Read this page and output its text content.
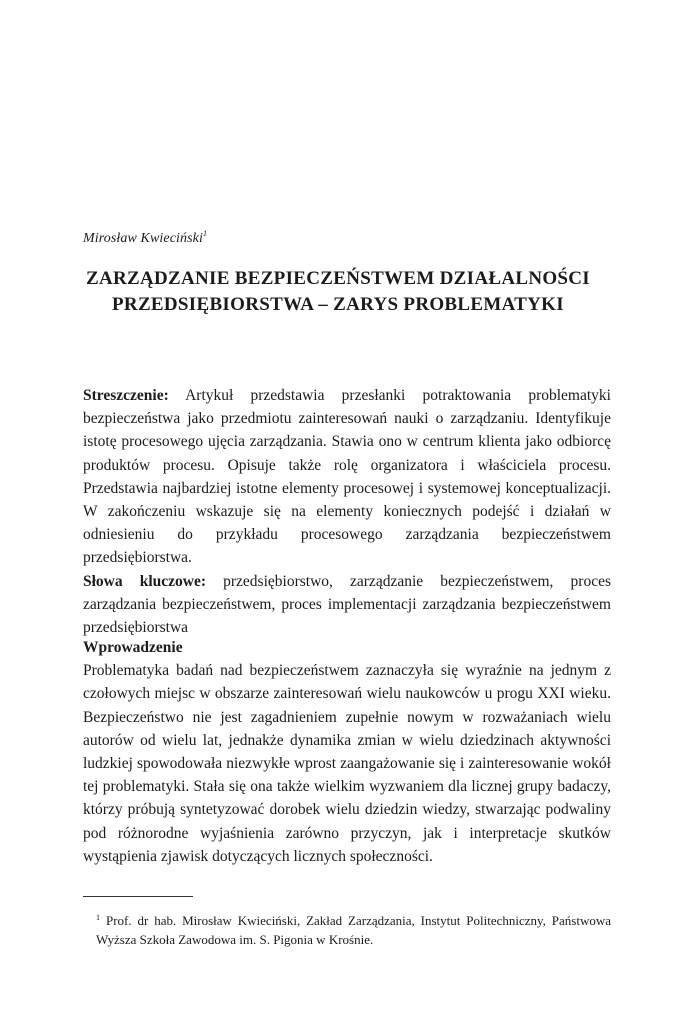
Mirosław Kwieciński$^1$
ZARZĄDZANIE BEZPIECZEŃSTWEM DZIAŁALNOŚCI
PRZEDSIĘBIORSTWA – ZARYS PROBLEMATYKI

Streszczenie: Artykuł przedstawia przesłanki potraktowania problematyki bezpieczeństwa jako przedmiotu zainteresowań nauki o zarządzaniu. Identyfikuje istotę procesowego ujęcia zarządzania. Stawia ono w centrum klienta jako odbiorcę produktów procesu. Opisuje także rolę organizatora i właściciela procesu. Przedstawia najbardziej istotne elementy procesowej i systemowej konceptualizacji. W zakończeniu wskazuje się na elementy koniecznych podejść i działań w odniesieniu do przykładu procesowego zarządzania bezpieczeństwem przedsiębiorstwa.

Słowa kluczowe: przedsiębiorstwo, zarządzanie bezpieczeństwem, proces zarządzania bezpieczeństwem, proces implementacji zarządzania bezpieczeństwem przedsiębiorstwa

Wprowadzenie

Problematyka badań nad bezpieczeństwem zaznaczyła się wyraźnie na jednym z czołowych miejsc w obszarze zainteresowań wielu naukowców u progu XXI wieku. Bezpieczeństwo nie jest zagadnieniem zupełnie nowym w rozważaniach wielu autorów od wielu lat, jednakże dynamika zmian w wielu dziedzinach aktywności ludzkiej spowodowała niezwykłe wprost zaangażowanie się i zainteresowanie wokół tej problematyki. Stała się ona także wielkim wyzwaniem dla licznej grupy badaczy, którzy próbują syntetyzować dorobek wielu dziedzin wiedzy, stwarzając podwaliny pod różnorodne wyjaśnienia zarówno przyczyn, jak i interpretacje skutków wystąpienia zjawisk dotyczących licznych społeczności.

$^1$ Prof. dr hab. Mirosław Kwieciński, Zakład Zarządzania, Instytut Politechniczny, Państwowa Wyższa Szkoła Zawodowa im. S. Pigonia w Krośnie.
